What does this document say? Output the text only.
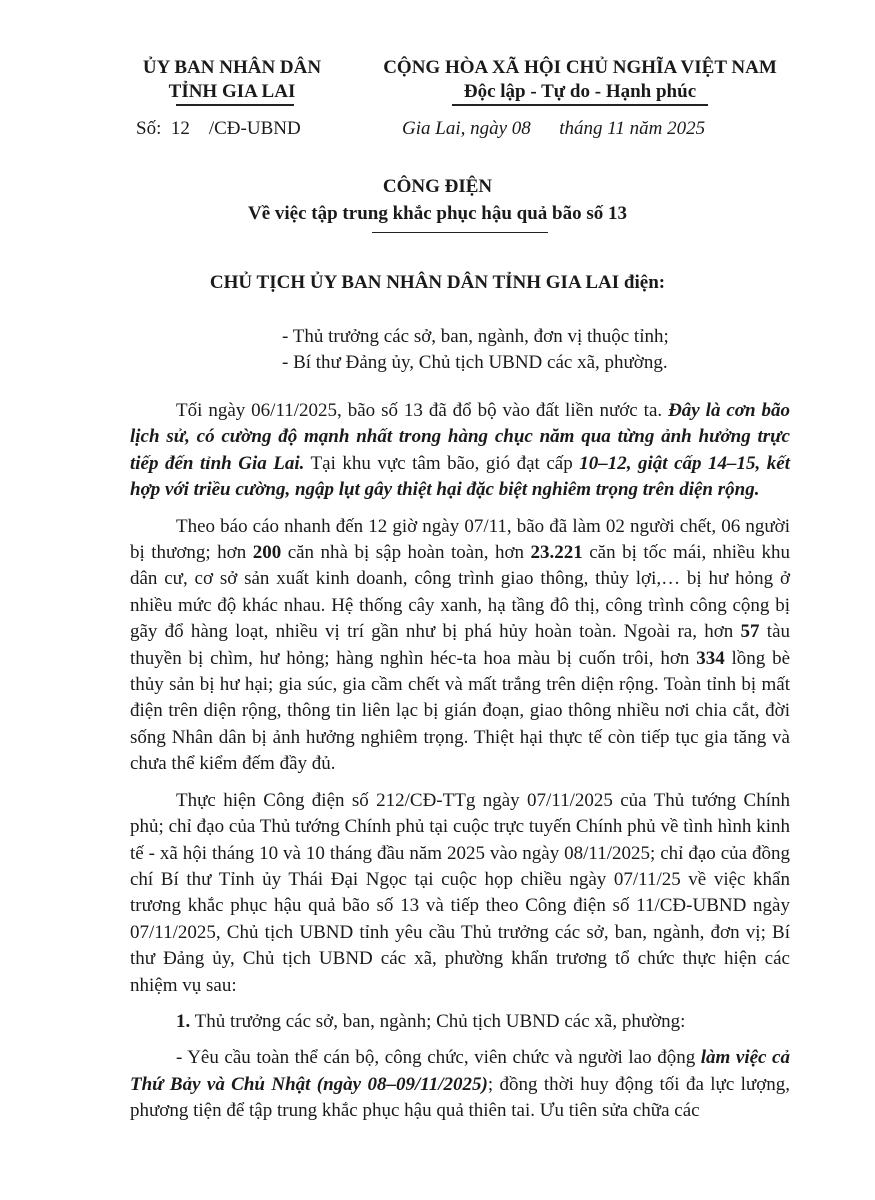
ỦY BAN NHÂN DÂN
TỈNH GIA LAI
CỘNG HÒA XÃ HỘI CHỦ NGHĨA VIỆT NAM
Độc lập - Tự do - Hạnh phúc
Số:  12    /CĐ-UBND	Gia Lai, ngày 08      tháng 11 năm 2025
CÔNG ĐIỆN
Về việc tập trung khắc phục hậu quả bão số 13
CHỦ TỊCH ỦY BAN NHÂN DÂN TỈNH GIA LAI điện:
- Thủ trưởng các sở, ban, ngành, đơn vị thuộc tỉnh;
- Bí thư Đảng ủy, Chủ tịch UBND các xã, phường.

Tối ngày 06/11/2025, bão số 13 đã đổ bộ vào đất liền nước ta. Đây là cơn bão lịch sử, có cường độ mạnh nhất trong hàng chục năm qua từng ảnh hưởng trực tiếp đến tỉnh Gia Lai. Tại khu vực tâm bão, gió đạt cấp 10–12, giật cấp 14–15, kết hợp với triều cường, ngập lụt gây thiệt hại đặc biệt nghiêm trọng trên diện rộng.

Theo báo cáo nhanh đến 12 giờ ngày 07/11, bão đã làm 02 người chết, 06 người bị thương; hơn 200 căn nhà bị sập hoàn toàn, hơn 23.221 căn bị tốc mái, nhiều khu dân cư, cơ sở sản xuất kinh doanh, công trình giao thông, thủy lợi,… bị hư hỏng ở nhiều mức độ khác nhau. Hệ thống cây xanh, hạ tầng đô thị, công trình công cộng bị gãy đổ hàng loạt, nhiều vị trí gần như bị phá hủy hoàn toàn. Ngoài ra, hơn 57 tàu thuyền bị chìm, hư hỏng; hàng nghìn héc-ta hoa màu bị cuốn trôi, hơn 334 lồng bè thủy sản bị hư hại; gia súc, gia cầm chết và mất trắng trên diện rộng. Toàn tỉnh bị mất điện trên diện rộng, thông tin liên lạc bị gián đoạn, giao thông nhiều nơi chia cắt, đời sống Nhân dân bị ảnh hưởng nghiêm trọng. Thiệt hại thực tế còn tiếp tục gia tăng và chưa thể kiểm đếm đầy đủ.

Thực hiện Công điện số 212/CĐ-TTg ngày 07/11/2025 của Thủ tướng Chính phủ; chỉ đạo của Thủ tướng Chính phủ tại cuộc trực tuyến Chính phủ về tình hình kinh tế - xã hội tháng 10 và 10 tháng đầu năm 2025 vào ngày 08/11/2025; chỉ đạo của đồng chí Bí thư Tỉnh ủy Thái Đại Ngọc tại cuộc họp chiều ngày 07/11/25 về việc khẩn trương khắc phục hậu quả bão số 13 và tiếp theo Công điện số 11/CĐ-UBND ngày 07/11/2025, Chủ tịch UBND tỉnh yêu cầu Thủ trưởng các sở, ban, ngành, đơn vị; Bí thư Đảng ủy, Chủ tịch UBND các xã, phường khẩn trương tổ chức thực hiện các nhiệm vụ sau:

1. Thủ trưởng các sở, ban, ngành; Chủ tịch UBND các xã, phường:

- Yêu cầu toàn thể cán bộ, công chức, viên chức và người lao động làm việc cả Thứ Bảy và Chủ Nhật (ngày 08–09/11/2025); đồng thời huy động tối đa lực lượng, phương tiện để tập trung khắc phục hậu quả thiên tai. Ưu tiên sửa chữa các
